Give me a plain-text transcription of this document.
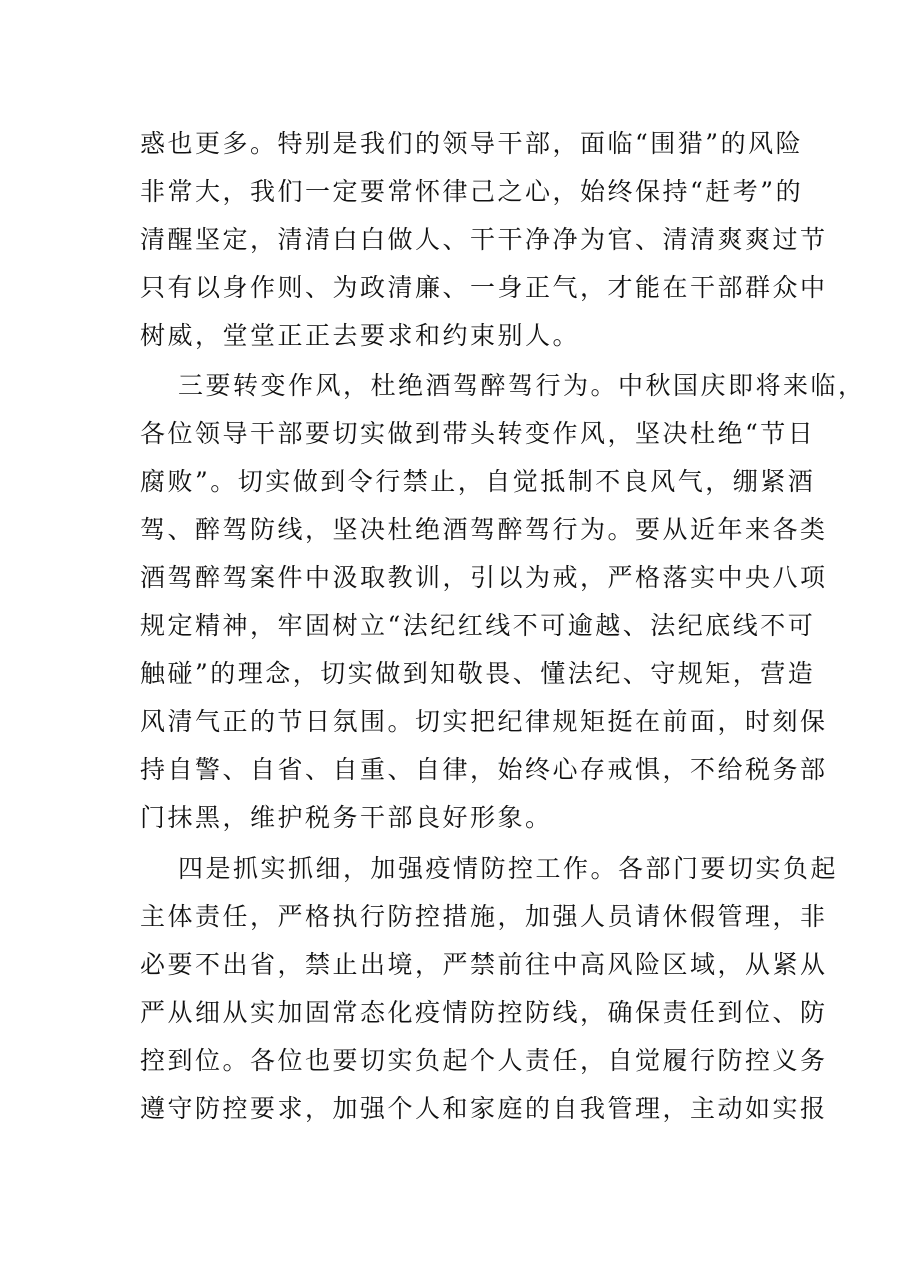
惑也更多。特别是我们的领导干部，面临“围猎”的风险
非常大，我们一定要常怀律己之心，始终保持“赶考”的
清醒坚定，清清白白做人、干干净净为官、清清爽爽过节
只有以身作则、为政清廉、一身正气，才能在干部群众中
树威，堂堂正正去要求和约束别人。
三要转变作风，杜绝酒驾醉驾行为。中秋国庆即将来临，
各位领导干部要切实做到带头转变作风，坚决杜绝“节日
腐败”。切实做到令行禁止，自觉抵制不良风气，绷紧酒
驾、醉驾防线，坚决杜绝酒驾醉驾行为。要从近年来各类
酒驾醉驾案件中汲取教训，引以为戒，严格落实中央八项
规定精神，牢固树立“法纪红线不可逾越、法纪底线不可
触碰”的理念，切实做到知敬畏、懂法纪、守规矩，营造
风清气正的节日氛围。切实把纪律规矩挺在前面，时刻保
持自警、自省、自重、自律，始终心存戒惧，不给税务部
门抹黑，维护税务干部良好形象。
四是抓实抓细，加强疫情防控工作。各部门要切实负起
主体责任，严格执行防控措施，加强人员请休假管理，非
必要不出省，禁止出境，严禁前往中高风险区域，从紧从
严从细从实加固常态化疫情防控防线，确保责任到位、防
控到位。各位也要切实负起个人责任，自觉履行防控义务
遵守防控要求，加强个人和家庭的自我管理，主动如实报
